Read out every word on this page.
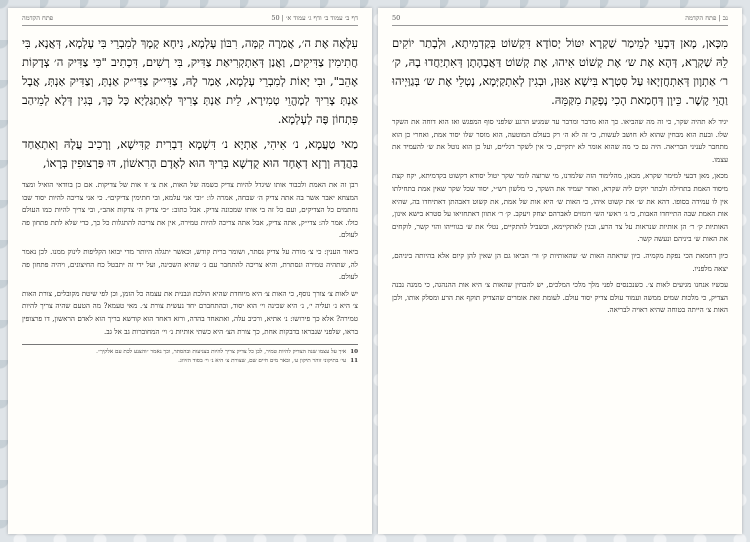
דף ב׳ עמוד ב׳ ודף ג׳ עמוד א׳ | 50
פתח הקדמה

עִלָּאָה אֶת ה׳, אֲמַרָה קִמָּה, רִבּוֹן עָלְמָא, נִיחָא קָמָךְ לְמִבְרֵי בִּי עָלְמָא, דְּאֲנָא, בִּי חֲתִימִין צַדִּיקִים, וַאֲנַן דְּאִתְקְרִיאַת צַדִּיק, בִּי רְשִׁים, דִּכְתִיב "כִּי צַדִּיק ה׳ צְדָקוֹת אָהֵב", וּבִי יָאוֹת לְמִבְרֵי עָלְמָא, אָמַר לָהּ, צַדִּי״ק צַדִּי״ק אַנְתְּ, וְצַדִּיק אַנְתְּ, אֲבָל אַנְתְּ צָרִיךְ לְמֶהֱוֵי טְמִירָא, לֵית אַנְתְּ צָרִיךְ לְאִתְגַּלְיָא כָּל כָּךְ, בְּגִין דְּלָא לְמֵיהַב פִּתְחוֹן פֶּה לְעָלְמָא.

מַאי טַעֲמָא, נ׳ אִיהִי, אַתְיָא נ׳ דִּשְׁמָא דִבְרִית קַדִּישָׁא, וְרָכִיב עֲלָהּ וְאִתְאַחַד בַּהֲדָהּ וְרָזָא דְאֶחָד הוּא קֻדְשָׁא בְּרִיךְ הוּא לְאָדָם הָרִאשׁוֹן, דּוּ פַּרְצוּפִין בְּרָאוֹ,

רבן זה את האמת ולכבוד אותו שיגדל להיות צדיק כשמה של האות, את צ׳ זו אות של צדיקות. אם כן בוודאי הואיל ומצד המצחא יאבר אשר בה אתה צדיק ה׳ שבחה, אמרה לו: ״ובי אני עלמא, ובי חתימין צדיקים״. כי אני צריכה להיות יסוד שבו נחתמים כל הצדיקים, ועם כל זה בי אותו שמכונה צדיק. אבל כתוב: ״כי צדיק ה׳ צדקות אהב״, ובי צריך להיות כמו העולם כולו. אמר לה: צדי״ק, אתה צדיק, אבל אתה צריכה להיות טמירה, אין את צריכה להתגלות כל כך, כדי שלא לתת פתחון פה לעולם.

ביאור הענין: כי צ׳ מורה על צדיק נסתר, ושומר ברית קודש, וכאשר יתגלה היותר מדי יבואו הקליפות לינוק ממנו. לכן נאמר לה, שתהיה טמירה ונסתרת, והיא צריכה להתחבר עם נ׳ שהיא השכינה, ועל ידי זה יתבטל כח החיצונים, ויהיה פתחון פה לעולם.

יש לאות צ׳ צורך נוסף, כי האות צ׳ היא מיוחדת שהיא הולכת ונבנית את עצמה כל הזמן, וכן לפי שיטת מקובלים, צורת האות צ׳ היא נ׳ ועליה י׳, נ׳ היא שכינה וי׳ הוא יסוד, ובהתחברם יחד נעשית צורת צ׳. מאי טעמא? מה הטעם שהיה צריך להיות טמירה? אלא כך פירושו: נ׳ אתיא, ורכיב עלה, ואתאחד בהדה, ורזא דאחד הוא קודשא בריך הוא לאדם הראשון, דו פרצופין בראו, שלפני שנבראו בדבקות אחת, כך צורת הצ׳ היא כשתי אותיות נ׳ וי׳ המחוברות גב אל גב.

10
איך על עצמו שנה הצדיק להיות טמיר, לכן כל צדיק צריך להיות בצניעות ובהסתר, וכך נאמר ״והצנע לכת עם אלקיך״.
11
עי׳ בתיקוני זוהר תיקון ע׳, ובאר מים חיים שם, שצורת צ׳ היא נ׳ וי׳ בסוד הזיווג.
נב | פתח הקדמה
50

מִכָּאן, מָאן דְּבָעֵי לְמֵימַר שַׁקְרָא יִטּוֹל יְסוֹדָא דִּקְשׁוֹט בְּקַדְמִיתָא, וּלְבָתַר יוֹקִים לֵהּ שַׁקְרָא, דְּהָא אֶת ש׳ אֶת קְשׁוֹט אִיהוּ, אֶת קְשׁוֹט דַּאֲבָהָתָן דְּאִתְיַחֲדוּ בָהּ, ק׳ ר׳ אַתְוָון דְּאִתְחֲזְיָאוּ עַל סִטְרָא בִּישָׁא אִנּוּן, וּבְגִין לְאִתְקַיְּמָא, נָטְלֵי אֶת ש׳ בְּגַוַּיְיהוּ וַהֲוֵי קֶשֶׁר. כֵּיוָן דְּחָמַאת הָכִי נָפְקַת מִקַּמֵּהּ.

יגיד לא תהיה שקר, כי זה מה שהביאו. כך הוא מדבר ומדבר עד שמגיע הרגע שלפני סוף המפגש ואז הוא דוחה את השקר שלו. ובעת הוא מבחין שהוא לא חושב לעשות, כי זה לא ה׳ רק בעולם המוטעה, הוא מוסר שלו יסוד אמת, ואחרי כן הוא מתחבר לעניני הבריאה. היה גם כי מה שהוא אומר לא יתקיים, כי אין לשקר רגליים, ועל כן הוא נוטל את ש׳ להעמיד את עצמו.

מכאן, מאן דבעי למימר שקרא, מכאן, מהלימוד הזה שלמדנו, מי שרוצה לומר שקר יטול יסודא דקשוט בקדמיתא, יקח קצת מיסוד האמת בתחילה ולבתר יוקים ליה שקרא, ואחר יעמיד את השקר, כי מלשון רש״י, יסוד שכל שקר שאין אמת בתחילתו אין לו עמידה בסופו. דהא את ש׳ את קשוט איהו, כי האות ש׳ היא אות של אמת, את קשוט דאבהתן דאתיחדו בה, שהיא אות האמת שבה התייחדו האבות, כי ג׳ ראשי הש׳ רומזים לאברהם יצחק ויעקב. ק׳ ר׳ אתוון דאתחזיאו על סטרא בישא אינון, האותיות ק׳ ר׳ הן אותיות שנראות על צד הרע, ובגין לאתקיימא, ובשביל להתקיים, נטלי את ש׳ בגווייהו והוי קשר, לוקחים את האות ש׳ ביניהם ונעשה קשר.

כיון דחמאת הכי נפקת מקמיה. כיון שראתה האות ש׳ שהאותיות ק׳ ור׳ הביאו גם הן שאין להן קיום אלא בהיותה ביניהם, יצאה מלפניו.

עכשיו אנחנו מגיעים לאות צ׳. כשנכנסים לפני מלך מלכי המלכים, יש להבחין שהאות צ׳ היא אות ההנהגה, כי ממנה נבנה הצדיק, כי מלכות שמים ממשה ועמוד עולם צדיק יסוד עולם. לעומת זאת אומרים שהצדיק תוקף את הרע ומסלק אותו, ולכן האות צ׳ הייתה בטוחה שהיא ראויה לבריאה.
